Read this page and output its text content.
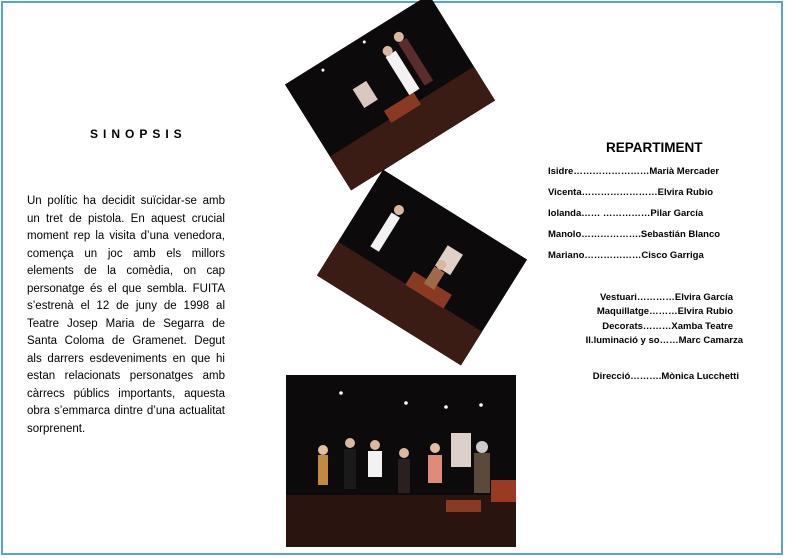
SINOPSIS

Un polític ha decidit suïcidar-se amb un tret de pistola. En aquest crucial moment rep la visita d’una venedora, comença un joc amb els millors elements de la comèdia, on cap personatge és el que sembla. FUITA s’estrenà el 12 de juny de 1998 al Teatre Josep Maria de Segarra de Santa Coloma de Gramenet. Degut als darrers esdeveniments en que hi estan relacionats personatges amb càrrecs públics importants, aquesta obra s’emmarca dintre d’una actualitat sorprenent.

REPARTIMENT
Isidre……………………Marià Mercader
Vicenta……………………Elvira Rubio
Iolanda…… ……………Pilar García
Manolo……………….Sebastián Blanco
Mariano………………Cisco Garriga
Vestuari…………Elvira García
Maquillatge………Elvira Rubio
Decorats………Xamba Teatre
Il.luminació y so……Marc Camarza
Direcció……….Mònica Lucchetti
